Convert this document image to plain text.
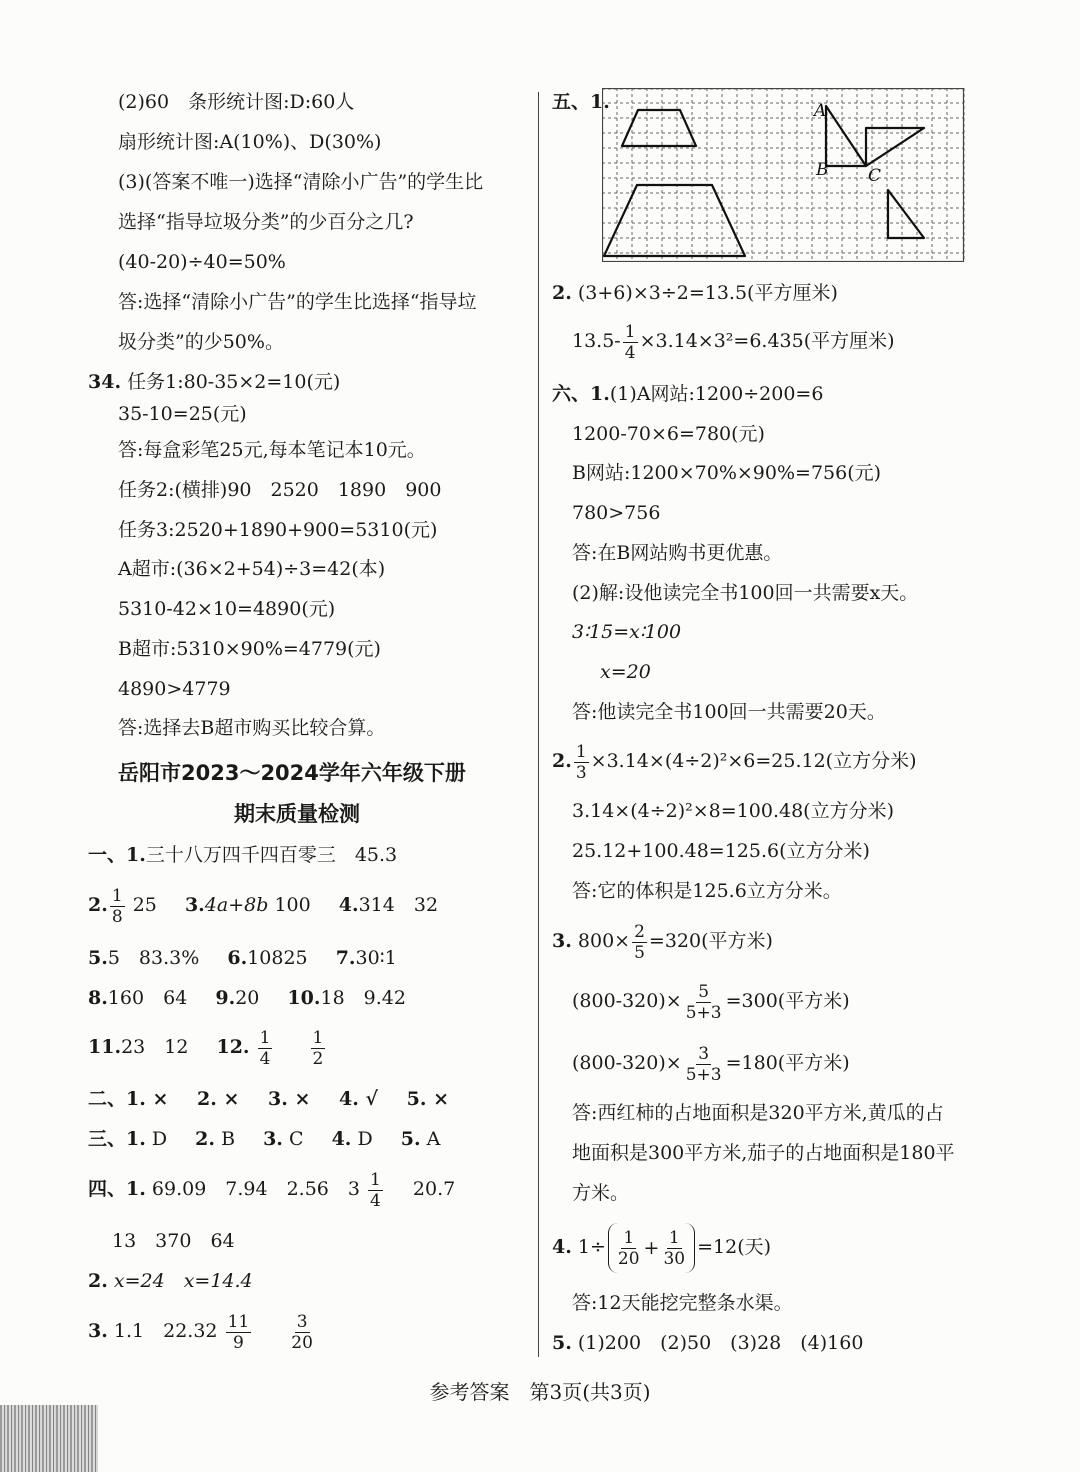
(2)60　条形统计图:D:60人
扇形统计图:A(10%)、D(30%)
(3)(答案不唯一)选择“清除小广告”的学生比
选择“指导垃圾分类”的少百分之几?
(40-20)÷40=50%
答:选择“清除小广告”的学生比选择“指导垃
圾分类”的少50%。
34. 任务1:80-35×2=10(元)
35-10=25(元)
答:每盒彩笔25元,每本笔记本10元。
任务2:(横排)90　2520　1890　900
任务3:2520+1890+900=5310(元)
A超市:(36×2+54)÷3=42(本)
5310-42×10=4890(元)
B超市:5310×90%=4779(元)
4890>4779
答:选择去B超市购买比较合算。
岳阳市2023～2024学年六年级下册
期末质量检测
一、1.三十八万四千四百零三　45.3
2. $\frac{1}{8} 25$ 3.4a+8b 100 4.314　32
5.5　83.3% 6.10825 7.30∶1
8.160　64 9.20 10.18　9.42
11.23　12 12. $\frac{1}{4}$
$\frac{1}{2}$
二、1. × 2. × 3. × 4. √ 5. ×
三、1. D 2. B 3. C 4. D 5. A
四、1. 69.09　7.94　2.56　$3 \frac{1}{4} 20.7$
13　370　64
2. x=24　x=14.4
3. 1.1　$22.32 \frac{11}{9}$
$\frac{3}{20}$
五、1.	A
B C
2. (3+6)×3÷2=13.5(平方厘米)
$13.5- \frac{1}{4} \times 3.14\times 3^2=6.435$(平方厘米)
六、1.(1)A网站:1200÷200=6
1200-70×6=780(元)
B网站:1200×70%×90%=756(元)
780>756
答:在B网站购书更优惠。
(2)解:设他读完全书100回一共需要x天。
3∶15=x∶100
x=20
答:他读完全书100回一共需要20天。
2. $\frac{1}{3} \times 3.14\times(4\div 2)^2\times 6=25.12$(立方分米)
3.14×(4÷2)²×8=100.48(立方分米)
25.12+100.48=125.6(立方分米)
答:它的体积是125.6立方分米。
3. $800\times \frac{2}{5} =320$(平方米)
$(800-320)\times \frac{5}{5+3} =300$(平方米)
$(800-320)\times \frac{3}{5+3} =180$(平方米)
答:西红柿的占地面积是320平方米,黄瓜的占
地面积是300平方米,茄子的占地面积是180平
方米。
4. $1\div \frac{1}{20} + \frac{1}{30} =12$(天)
答:12天能挖完整条水渠。
5. (1)200　(2)50　(3)28　(4)160
参考答案　第3页(共3页)
